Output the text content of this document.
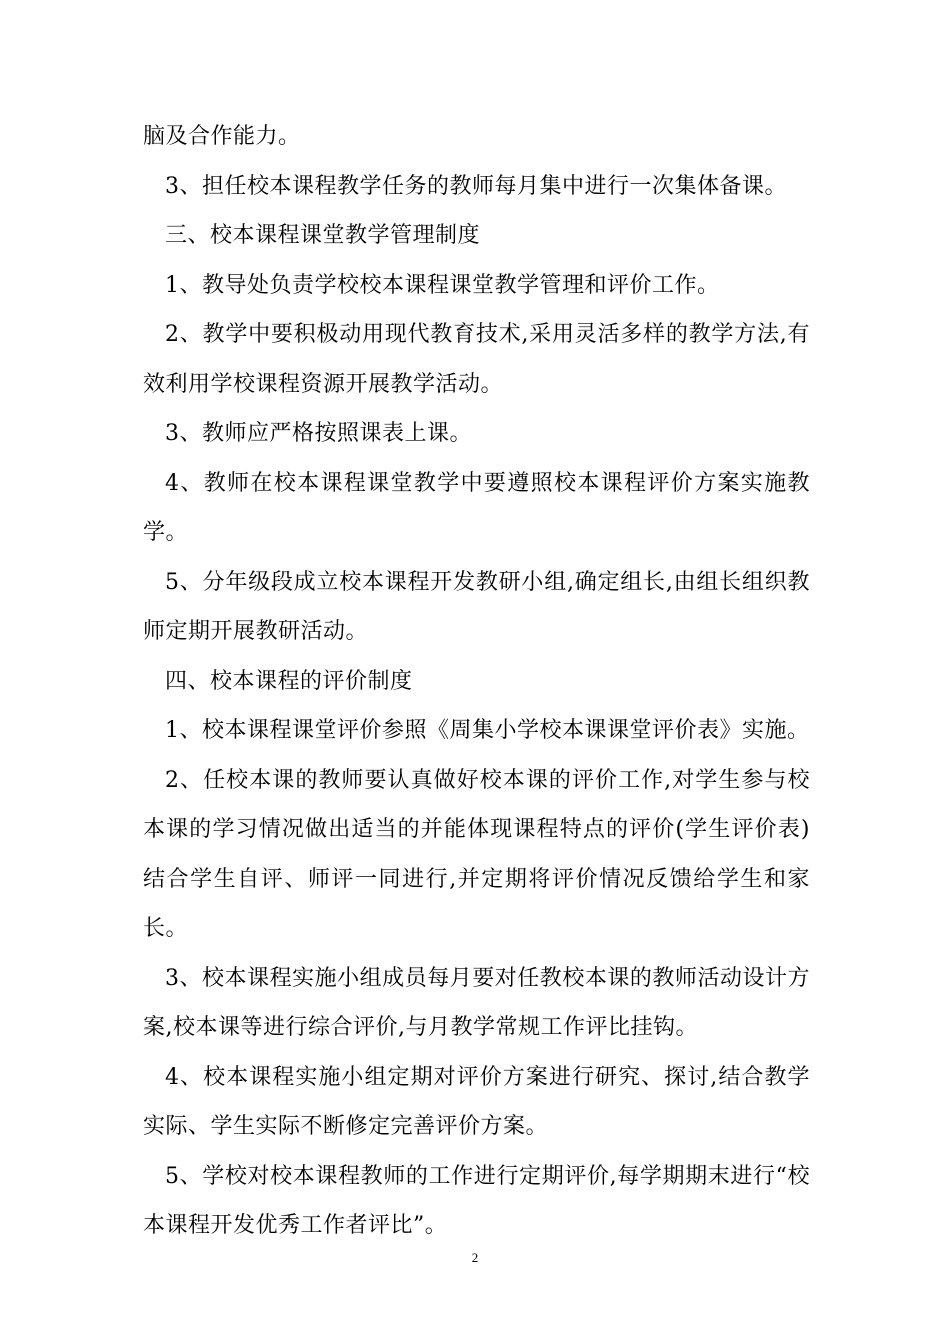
脑及合作能力。

3、担任校本课程教学任务的教师每月集中进行一次集体备课。

三、校本课程课堂教学管理制度

1、教导处负责学校校本课程课堂教学管理和评价工作。

2、教学中要积极动用现代教育技术,采用灵活多样的教学方法,有效利用学校课程资源开展教学活动。

3、教师应严格按照课表上课。

4、教师在校本课程课堂教学中要遵照校本课程评价方案实施教学。

5、分年级段成立校本课程开发教研小组,确定组长,由组长组织教师定期开展教研活动。

四、校本课程的评价制度

1、校本课程课堂评价参照《周集小学校本课课堂评价表》实施。

2、任校本课的教师要认真做好校本课的评价工作,对学生参与校本课的学习情况做出适当的并能体现课程特点的评价(学生评价表)结合学生自评、师评一同进行,并定期将评价情况反馈给学生和家长。

3、校本课程实施小组成员每月要对任教校本课的教师活动设计方案,校本课等进行综合评价,与月教学常规工作评比挂钩。

4、校本课程实施小组定期对评价方案进行研究、探讨,结合教学实际、学生实际不断修定完善评价方案。

5、学校对校本课程教师的工作进行定期评价,每学期期末进行“校本课程开发优秀工作者评比”。

2
